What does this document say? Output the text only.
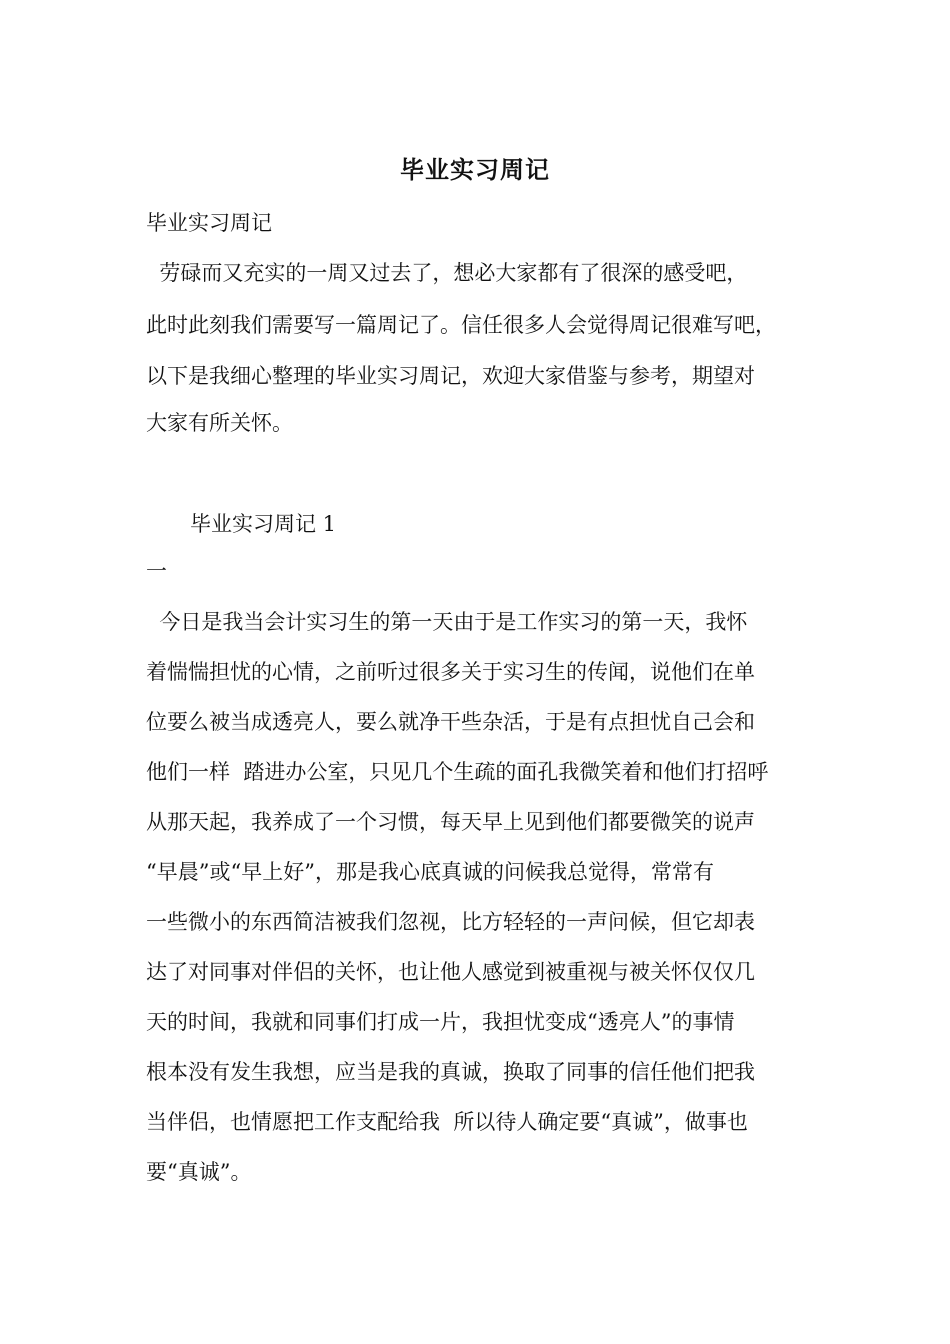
毕业实习周记
毕业实习周记
劳碌而又充实的一周又过去了，想必大家都有了很深的感受吧，
此时此刻我们需要写一篇周记了。信任很多人会觉得周记很难写吧，
以下是我细心整理的毕业实习周记，欢迎大家借鉴与参考，期望对
大家有所关怀。
毕业实习周记 1
一
今日是我当会计实习生的第一天由于是工作实习的第一天，我怀
着惴惴担忧的心情，之前听过很多关于实习生的传闻，说他们在单
位要么被当成透亮人，要么就净干些杂活，于是有点担忧自己会和
他们一样  踏进办公室，只见几个生疏的面孔我微笑着和他们打招呼
从那天起，我养成了一个习惯，每天早上见到他们都要微笑的说声
“早晨”或“早上好”，那是我心底真诚的问候我总觉得，常常有
一些微小的东西简洁被我们忽视，比方轻轻的一声问候，但它却表
达了对同事对伴侣的关怀，也让他人感觉到被重视与被关怀仅仅几
天的时间，我就和同事们打成一片，我担忧变成“透亮人”的事情
根本没有发生我想，应当是我的真诚，换取了同事的信任他们把我
当伴侣，也情愿把工作支配给我  所以待人确定要“真诚”，做事也
要“真诚”。
